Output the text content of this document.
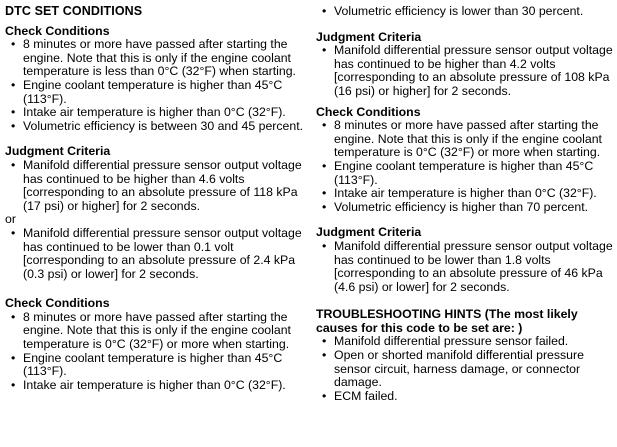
DTC SET CONDITIONS
Check Conditions
• 8 minutes or more have passed after starting the engine. Note that this is only if the engine coolant temperature is less than 0°C (32°F) when starting.
• Engine coolant temperature is higher than 45°C (113°F).
• Intake air temperature is higher than 0°C (32°F).
• Volumetric efficiency is between 30 and 45 percent.
Judgment Criteria
• Manifold differential pressure sensor output voltage has continued to be higher than 4.6 volts [corresponding to an absolute pressure of 118 kPa (17 psi) or higher] for 2 seconds.
or
• Manifold differential pressure sensor output voltage has continued to be lower than 0.1 volt [corresponding to an absolute pressure of 2.4 kPa (0.3 psi) or lower] for 2 seconds.
Check Conditions
• 8 minutes or more have passed after starting the engine. Note that this is only if the engine coolant temperature is 0°C (32°F) or more when starting.
• Engine coolant temperature is higher than 45°C (113°F).
• Intake air temperature is higher than 0°C (32°F).
• Volumetric efficiency is lower than 30 percent.
Judgment Criteria
• Manifold differential pressure sensor output voltage has continued to be higher than 4.2 volts [corresponding to an absolute pressure of 108 kPa (16 psi) or higher] for 2 seconds.
Check Conditions
• 8 minutes or more have passed after starting the engine. Note that this is only if the engine coolant temperature is 0°C (32°F) or more when starting.
• Engine coolant temperature is higher than 45°C (113°F).
• Intake air temperature is higher than 0°C (32°F).
• Volumetric efficiency is higher than 70 percent.
Judgment Criteria
• Manifold differential pressure sensor output voltage has continued to be lower than 1.8 volts [corresponding to an absolute pressure of 46 kPa (4.6 psi) or lower] for 2 seconds.
TROUBLESHOOTING HINTS (The most likely causes for this code to be set are: )
• Manifold differential pressure sensor failed.
• Open or shorted manifold differential pressure sensor circuit, harness damage, or connector damage.
• ECM failed.
